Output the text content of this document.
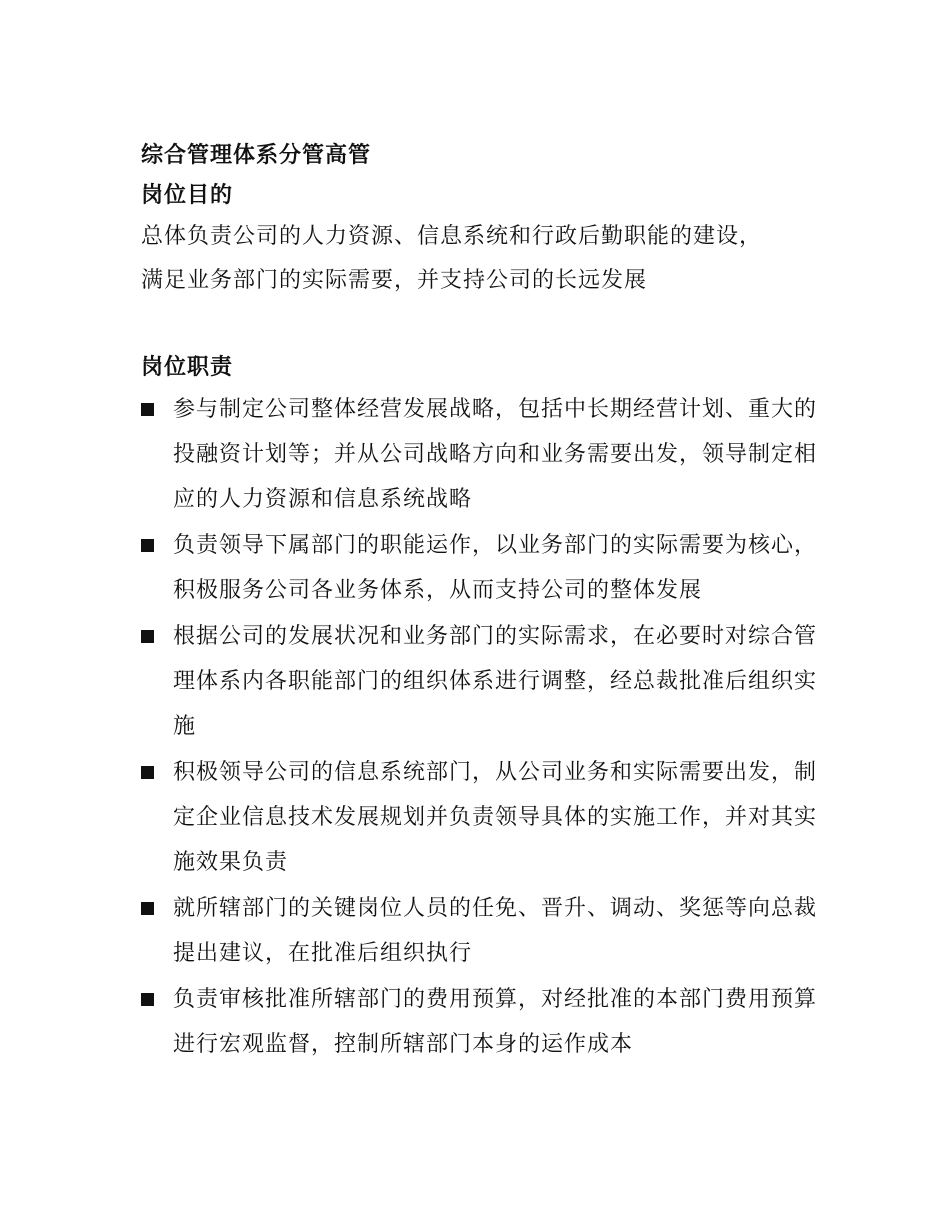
综合管理体系分管高管
岗位目的

总体负责公司的人力资源、信息系统和行政后勤职能的建设，

满足业务部门的实际需要，并支持公司的长远发展

岗位职责
参与制定公司整体经营发展战略，包括中长期经营计划、重大的投融资计划等；并从公司战略方向和业务需要出发，领导制定相应的人力资源和信息系统战略
负责领导下属部门的职能运作，以业务部门的实际需要为核心，积极服务公司各业务体系，从而支持公司的整体发展
根据公司的发展状况和业务部门的实际需求，在必要时对综合管理体系内各职能部门的组织体系进行调整，经总裁批准后组织实施
积极领导公司的信息系统部门，从公司业务和实际需要出发，制定企业信息技术发展规划并负责领导具体的实施工作，并对其实施效果负责
就所辖部门的关键岗位人员的任免、晋升、调动、奖惩等向总裁提出建议，在批准后组织执行
负责审核批准所辖部门的费用预算，对经批准的本部门费用预算进行宏观监督，控制所辖部门本身的运作成本
